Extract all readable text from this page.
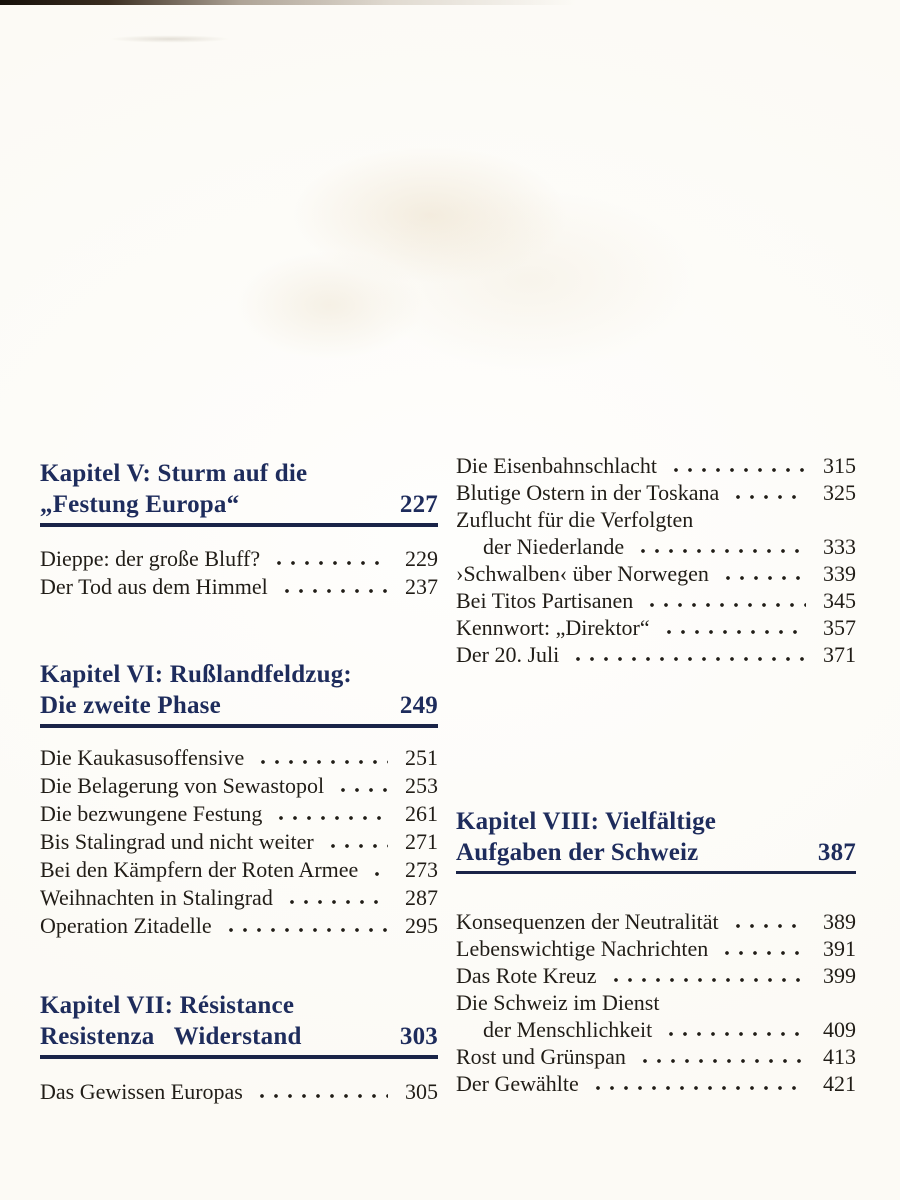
Kapitel V: Sturm auf die
„Festung Europa“	227
Dieppe: der große Bluff?	229
Der Tod aus dem Himmel	237
Kapitel VI: Rußlandfeldzug:
Die zweite Phase	249
Die Kaukasusoffensive	251
Die Belagerung von Sewastopol	253
Die bezwungene Festung	261
Bis Stalingrad und nicht weiter	271
Bei den Kämpfern der Roten Armee	273
Weihnachten in Stalingrad	287
Operation Zitadelle	295
Kapitel VII: Résistance
Resistenza  Widerstand	303
Das Gewissen Europas	305
Die Eisenbahnschlacht	315
Blutige Ostern in der Toskana	325
Zuflucht für die Verfolgten
der Niederlande	333
›Schwalben‹ über Norwegen	339
Bei Titos Partisanen	345
Kennwort: „Direktor“	357
Der 20. Juli	371
Kapitel VIII: Vielfältige
Aufgaben der Schweiz	387
Konsequenzen der Neutralität	389
Lebenswichtige Nachrichten	391
Das Rote Kreuz	399
Die Schweiz im Dienst
der Menschlichkeit	409
Rost und Grünspan	413
Der Gewählte	421
